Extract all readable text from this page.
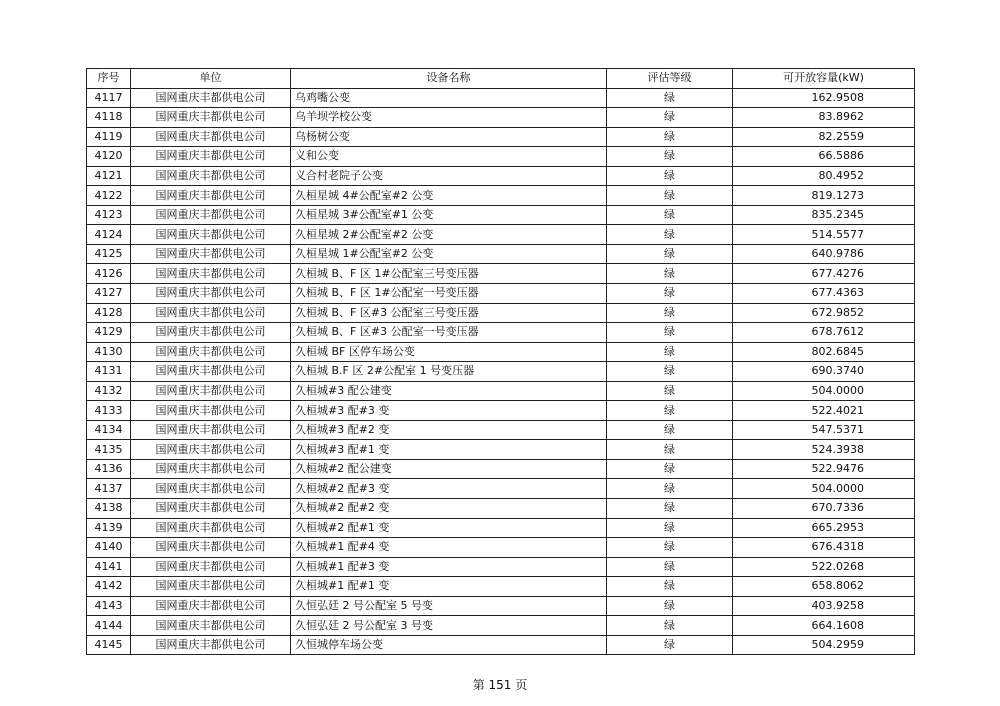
序号	单位	设备名称	评估等级	可开放容量(kW)
4117	国网重庆丰都供电公司	乌鸡嘴公变	绿	162.9508
4118	国网重庆丰都供电公司	乌羊坝学校公变	绿	83.8962
4119	国网重庆丰都供电公司	乌杨树公变	绿	82.2559
4120	国网重庆丰都供电公司	义和公变	绿	66.5886
4121	国网重庆丰都供电公司	义合村老院子公变	绿	80.4952
4122	国网重庆丰都供电公司	久桓星城 4#公配室#2 公变	绿	819.1273
4123	国网重庆丰都供电公司	久桓星城 3#公配室#1 公变	绿	835.2345
4124	国网重庆丰都供电公司	久桓星城 2#公配室#2 公变	绿	514.5577
4125	国网重庆丰都供电公司	久桓星城 1#公配室#2 公变	绿	640.9786
4126	国网重庆丰都供电公司	久桓城 B、F 区 1#公配室三号变压器	绿	677.4276
4127	国网重庆丰都供电公司	久桓城 B、F 区 1#公配室一号变压器	绿	677.4363
4128	国网重庆丰都供电公司	久桓城 B、F 区#3 公配室三号变压器	绿	672.9852
4129	国网重庆丰都供电公司	久桓城 B、F 区#3 公配室一号变压器	绿	678.7612
4130	国网重庆丰都供电公司	久桓城 BF 区停车场公变	绿	802.6845
4131	国网重庆丰都供电公司	久桓城 B.F 区 2#公配室 1 号变压器	绿	690.3740
4132	国网重庆丰都供电公司	久桓城#3 配公建变	绿	504.0000
4133	国网重庆丰都供电公司	久桓城#3 配#3 变	绿	522.4021
4134	国网重庆丰都供电公司	久桓城#3 配#2 变	绿	547.5371
4135	国网重庆丰都供电公司	久桓城#3 配#1 变	绿	524.3938
4136	国网重庆丰都供电公司	久桓城#2 配公建变	绿	522.9476
4137	国网重庆丰都供电公司	久桓城#2 配#3 变	绿	504.0000
4138	国网重庆丰都供电公司	久桓城#2 配#2 变	绿	670.7336
4139	国网重庆丰都供电公司	久桓城#2 配#1 变	绿	665.2953
4140	国网重庆丰都供电公司	久桓城#1 配#4 变	绿	676.4318
4141	国网重庆丰都供电公司	久桓城#1 配#3 变	绿	522.0268
4142	国网重庆丰都供电公司	久桓城#1 配#1 变	绿	658.8062
4143	国网重庆丰都供电公司	久恒弘廷 2 号公配室 5 号变	绿	403.9258
4144	国网重庆丰都供电公司	久恒弘廷 2 号公配室 3 号变	绿	664.1608
4145	国网重庆丰都供电公司	久恒城停车场公变	绿	504.2959
第 151 页
